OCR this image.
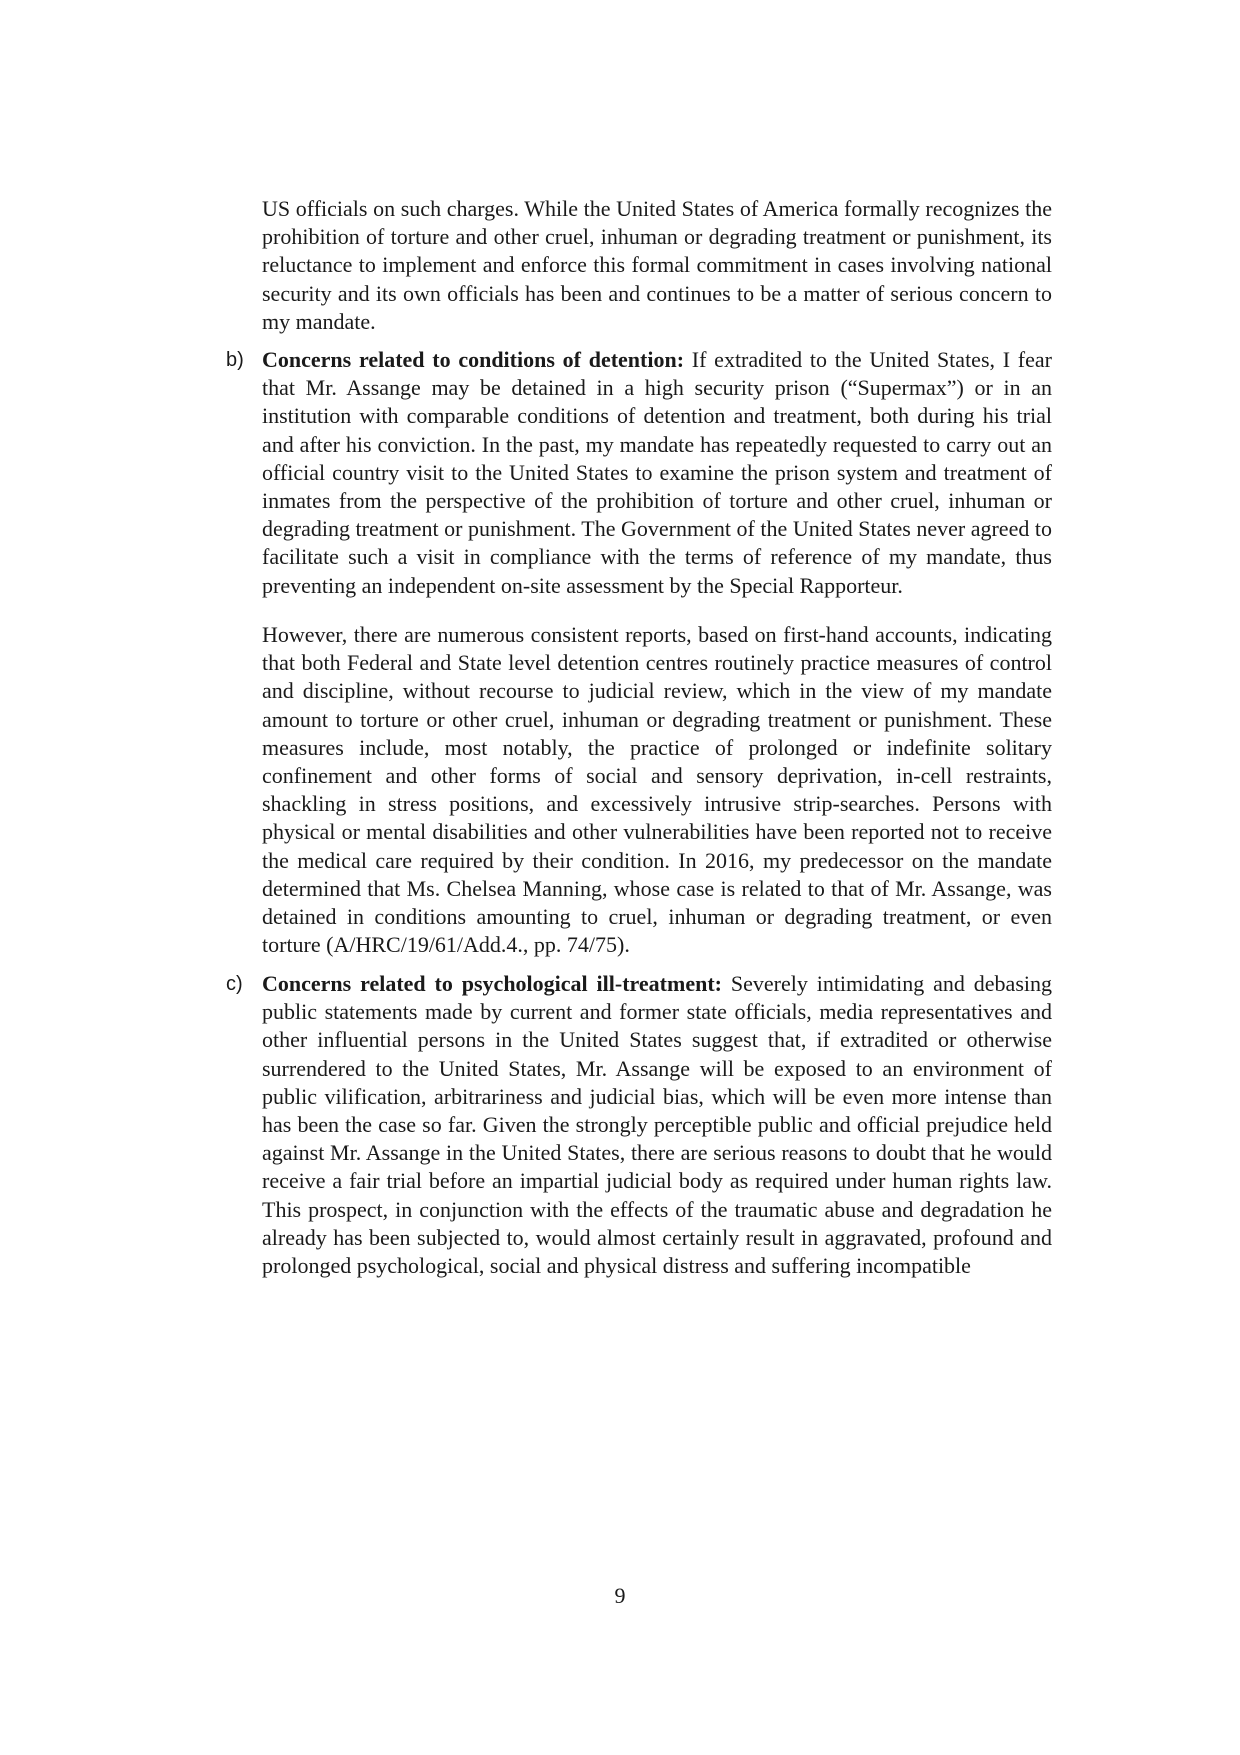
US officials on such charges. While the United States of America formally recognizes the prohibition of torture and other cruel, inhuman or degrading treatment or punishment, its reluctance to implement and enforce this formal commitment in cases involving national security and its own officials has been and continues to be a matter of serious concern to my mandate.

b) Concerns related to conditions of detention: If extradited to the United States, I fear that Mr. Assange may be detained in a high security prison (“Supermax”) or in an institution with comparable conditions of detention and treatment, both during his trial and after his conviction. In the past, my mandate has repeatedly requested to carry out an official country visit to the United States to examine the prison system and treatment of inmates from the perspective of the prohibition of torture and other cruel, inhuman or degrading treatment or punishment. The Government of the United States never agreed to facilitate such a visit in compliance with the terms of reference of my mandate, thus preventing an independent on-site assessment by the Special Rapporteur.

However, there are numerous consistent reports, based on first-hand accounts, indicating that both Federal and State level detention centres routinely practice measures of control and discipline, without recourse to judicial review, which in the view of my mandate amount to torture or other cruel, inhuman or degrading treatment or punishment. These measures include, most notably, the practice of prolonged or indefinite solitary confinement and other forms of social and sensory deprivation, in-cell restraints, shackling in stress positions, and excessively intrusive strip-searches. Persons with physical or mental disabilities and other vulnerabilities have been reported not to receive the medical care required by their condition. In 2016, my predecessor on the mandate determined that Ms. Chelsea Manning, whose case is related to that of Mr. Assange, was detained in conditions amounting to cruel, inhuman or degrading treatment, or even torture (A/HRC/19/61/Add.4., pp. 74/75).

c) Concerns related to psychological ill-treatment: Severely intimidating and debasing public statements made by current and former state officials, media representatives and other influential persons in the United States suggest that, if extradited or otherwise surrendered to the United States, Mr. Assange will be exposed to an environment of public vilification, arbitrariness and judicial bias, which will be even more intense than has been the case so far. Given the strongly perceptible public and official prejudice held against Mr. Assange in the United States, there are serious reasons to doubt that he would receive a fair trial before an impartial judicial body as required under human rights law. This prospect, in conjunction with the effects of the traumatic abuse and degradation he already has been subjected to, would almost certainly result in aggravated, profound and prolonged psychological, social and physical distress and suffering incompatible

9
